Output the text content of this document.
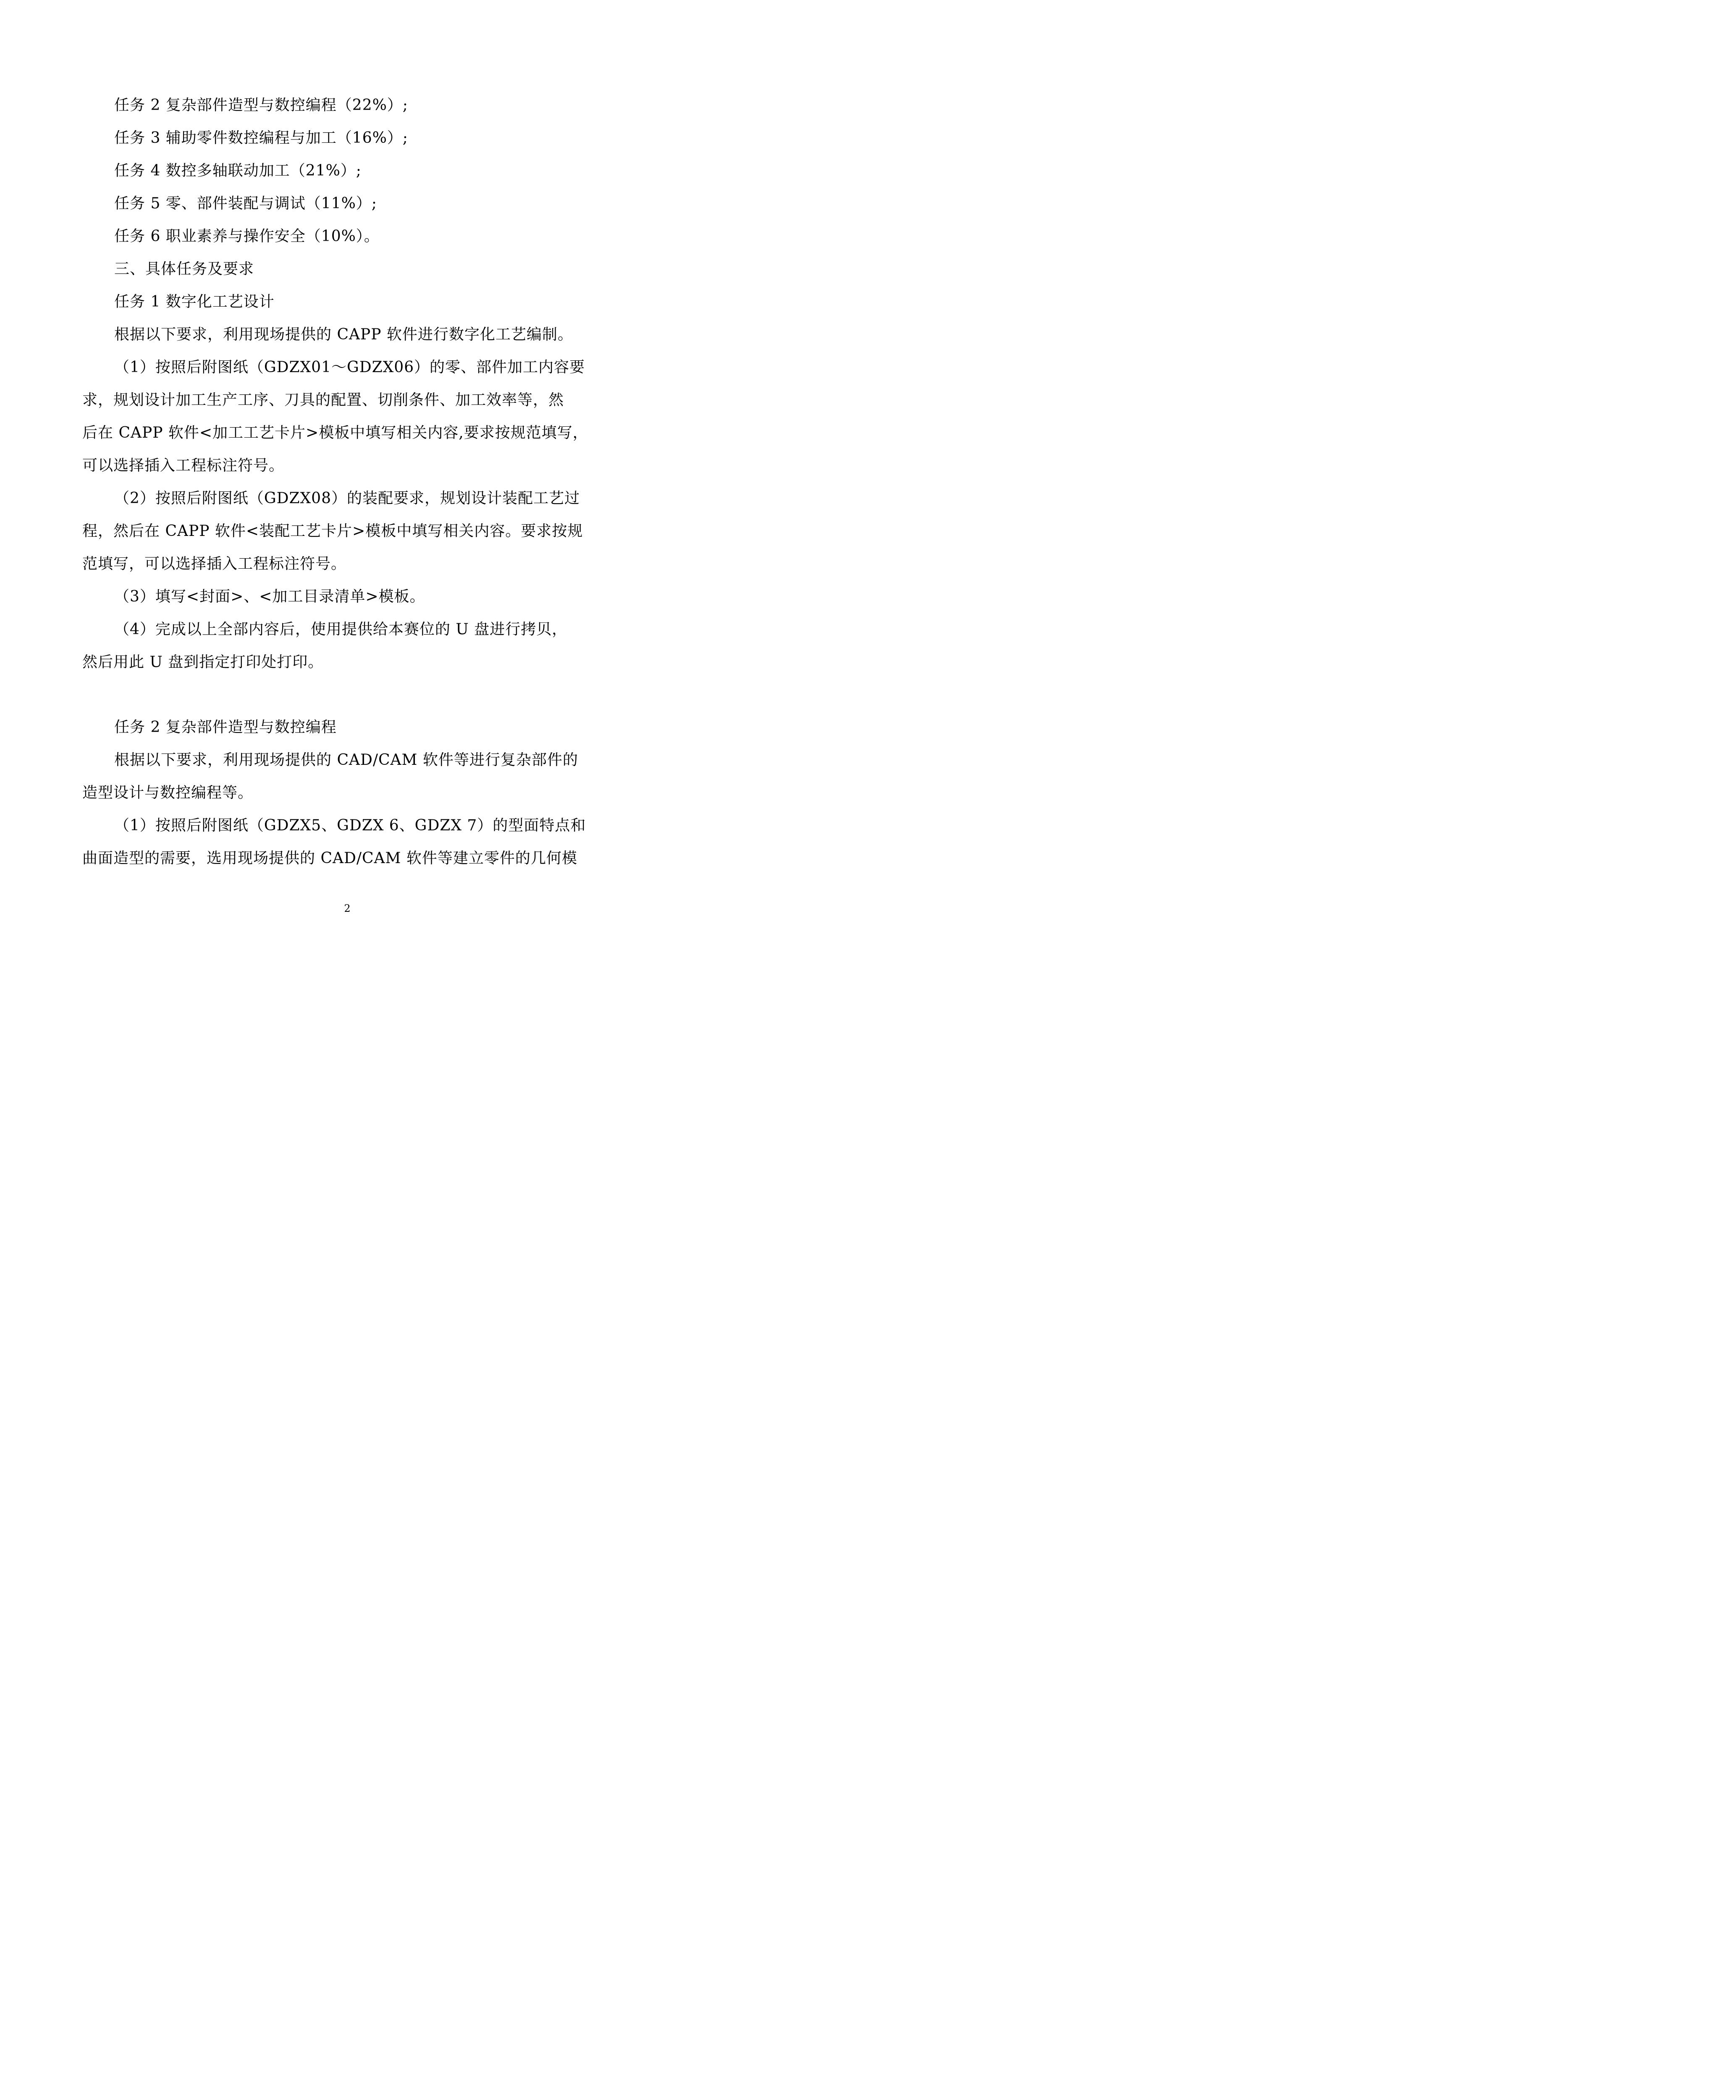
任务 2 复杂部件造型与数控编程（22%）;
任务 3 辅助零件数控编程与加工（16%）;
任务 4 数控多轴联动加工（21%）;
任务 5 零、部件装配与调试（11%）;
任务 6 职业素养与操作安全（10%）。
三、具体任务及要求
任务 1 数字化工艺设计
根据以下要求，利用现场提供的 CAPP 软件进行数字化工艺编制。
（1）按照后附图纸（GDZX01～GDZX06）的零、部件加工内容要
求，规划设计加工生产工序、刀具的配置、切削条件、加工效率等，然
后在 CAPP 软件<加工工艺卡片>模板中填写相关内容,要求按规范填写，
可以选择插入工程标注符号。
（2）按照后附图纸（GDZX08）的装配要求，规划设计装配工艺过
程，然后在 CAPP 软件<装配工艺卡片>模板中填写相关内容。要求按规
范填写，可以选择插入工程标注符号。
（3）填写<封面>、<加工目录清单>模板。
（4）完成以上全部内容后，使用提供给本赛位的 U 盘进行拷贝，
然后用此 U 盘到指定打印处打印。
任务 2 复杂部件造型与数控编程
根据以下要求，利用现场提供的 CAD/CAM 软件等进行复杂部件的
造型设计与数控编程等。
（1）按照后附图纸（GDZX5、GDZX 6、GDZX 7）的型面特点和
曲面造型的需要，选用现场提供的 CAD/CAM 软件等建立零件的几何模
2
